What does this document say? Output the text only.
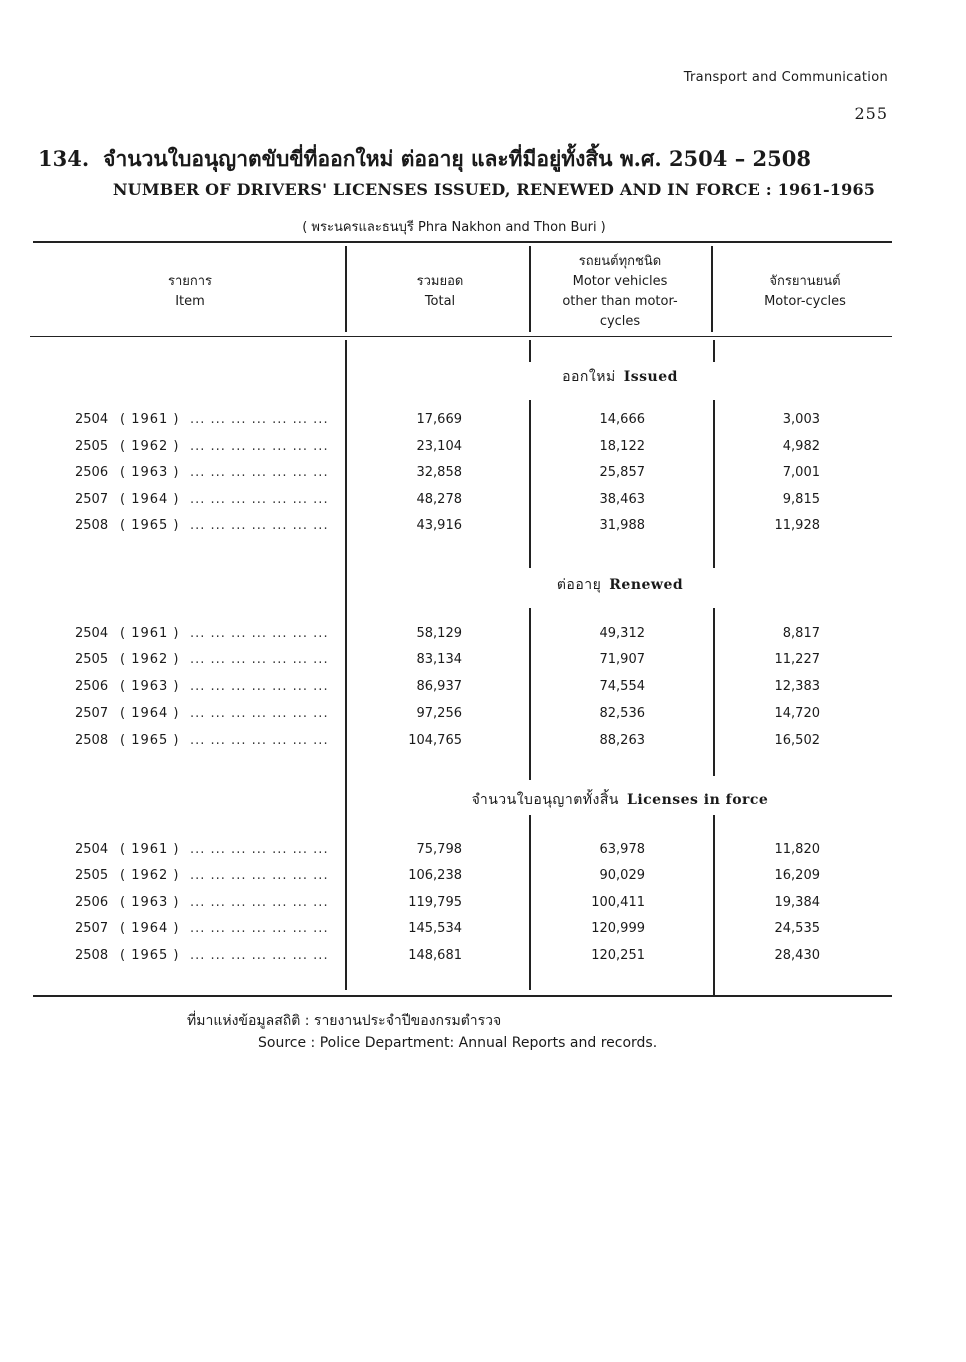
Transport and Communication
255
134. จำนวนใบอนุญาตขับขี่ที่ออกใหม่ ต่ออายุ และที่มีอยู่ทั้งสิ้น พ.ศ. 2504 – 2508
NUMBER OF DRIVERS' LICENSES ISSUED, RENEWED AND IN FORCE : 1961-1965
( พระนครและธนบุรี Phra Nakhon and Thon Buri )
รายการ
Item
รวมยอด
Total
รถยนต์ทุกชนิด
Motor vehicles
other than motor-
cycles
จักรยานยนต์
Motor-cycles
ออกใหม่ Issued
ต่ออายุ Renewed
จำนวนใบอนุญาตทั้งสิ้น Licenses in force
2504 ( 1961 ) ... ... ... ... ... ... ...	17,669	14,666	3,003
2505 ( 1962 ) ... ... ... ... ... ... ...	23,104	18,122	4,982
2506 ( 1963 ) ... ... ... ... ... ... ...	32,858	25,857	7,001
2507 ( 1964 ) ... ... ... ... ... ... ...	48,278	38,463	9,815
2508 ( 1965 ) ... ... ... ... ... ... ...	43,916	31,988	11,928
2504 ( 1961 ) ... ... ... ... ... ... ...	58,129	49,312	8,817
2505 ( 1962 ) ... ... ... ... ... ... ...	83,134	71,907	11,227
2506 ( 1963 ) ... ... ... ... ... ... ...	86,937	74,554	12,383
2507 ( 1964 ) ... ... ... ... ... ... ...	97,256	82,536	14,720
2508 ( 1965 ) ... ... ... ... ... ... ...	104,765	88,263	16,502
2504 ( 1961 ) ... ... ... ... ... ... ...	75,798	63,978	11,820
2505 ( 1962 ) ... ... ... ... ... ... ...	106,238	90,029	16,209
2506 ( 1963 ) ... ... ... ... ... ... ...	119,795	100,411	19,384
2507 ( 1964 ) ... ... ... ... ... ... ...	145,534	120,999	24,535
2508 ( 1965 ) ... ... ... ... ... ... ...	148,681	120,251	28,430
ที่มาแห่งข้อมูลสถิติ : รายงานประจำปีของกรมตำรวจ
Source : Police Department: Annual Reports and records.
